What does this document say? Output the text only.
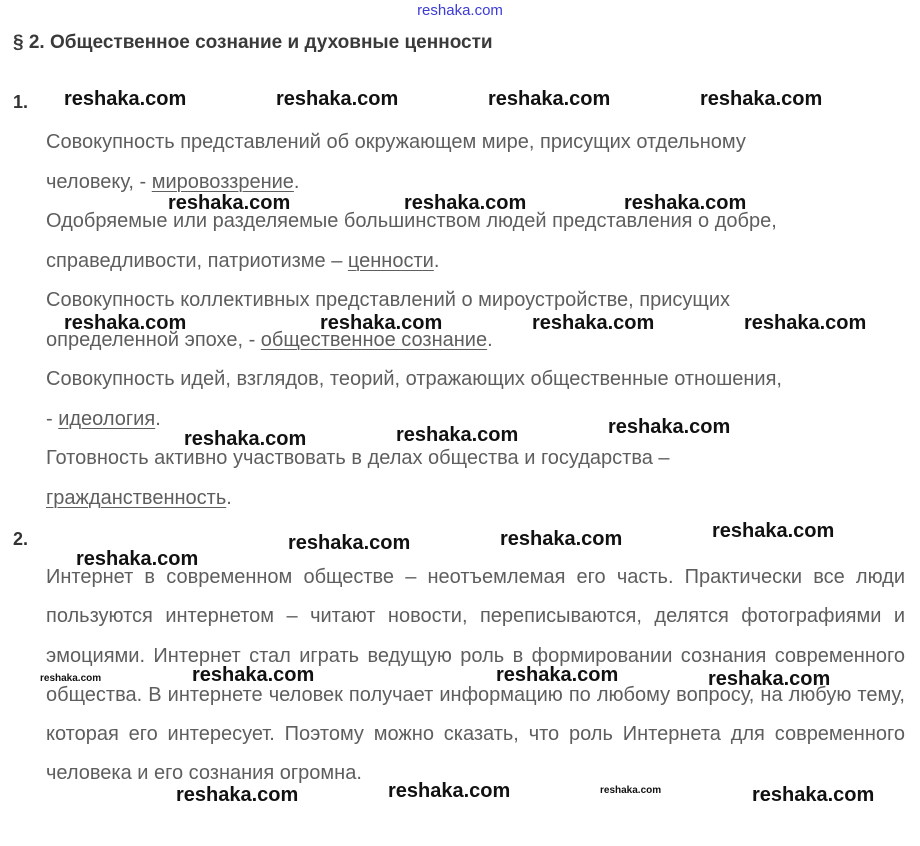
reshaka.com
§ 2. Общественное сознание и духовные ценности
1.
Совокупность представлений об окружающем мире, присущих отдельному
человеку, - мировоззрение.
Одобряемые или разделяемые большинством людей представления о добре,
справедливости, патриотизме – ценности.
Совокупность коллективных представлений о мироустройстве, присущих
определенной эпохе, - общественное сознание.
Совокупность идей, взглядов, теорий, отражающих общественные отношения,
- идеология.
Готовность активно участвовать в делах общества и государства –
гражданственность.
2.
Интернет в современном обществе – неотъемлемая его часть. Практически все люди пользуются интернетом – читают новости, переписываются, делятся фотографиями и эмоциями. Интернет стал играть ведущую роль в формировании сознания современного общества. В интернете человек получает информацию по любому вопросу, на любую тему, которая его интересует. Поэтому можно сказать, что роль Интернета для современного человека и его сознания огромна.
reshaka.com	reshaka.com	reshaka.com	reshaka.com
reshaka.com	reshaka.com	reshaka.com
reshaka.com	reshaka.com	reshaka.com	reshaka.com
reshaka.com	reshaka.com	reshaka.com
reshaka.com
reshaka.com	reshaka.com	reshaka.com
reshaka.com	reshaka.com	reshaka.com	reshaka.com
reshaka.com	reshaka.com	reshaka.com	reshaka.com
